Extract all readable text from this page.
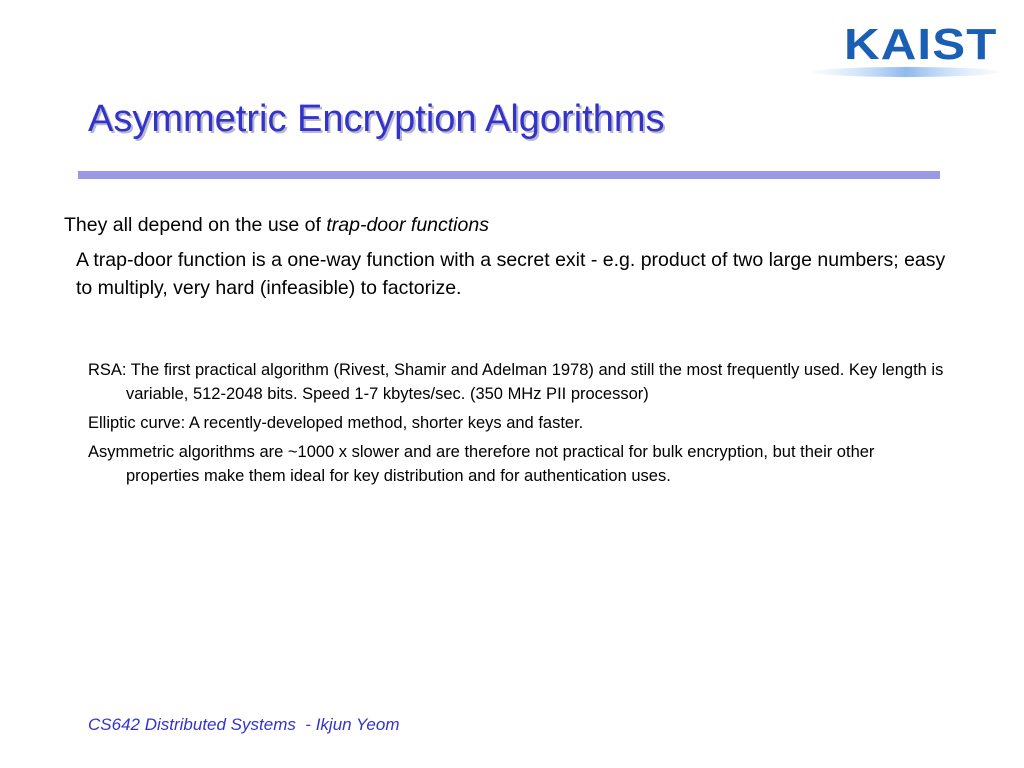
KAIST
Asymmetric Encryption Algorithms
They all depend on the use of trap-door functions
A trap-door function is a one-way function with a secret exit - e.g. product of two large numbers; easy to multiply, very hard (infeasible) to factorize.

RSA: The first practical algorithm (Rivest, Shamir and Adelman 1978) and still the most frequently used. Key length is variable, 512-2048 bits. Speed 1-7 kbytes/sec. (350 MHz PII processor)

Elliptic curve: A recently-developed method, shorter keys and faster.

Asymmetric algorithms are ~1000 x slower and are therefore not practical for bulk encryption, but their other properties make them ideal for key distribution and for authentication uses.

CS642 Distributed Systems  - Ikjun Yeom
